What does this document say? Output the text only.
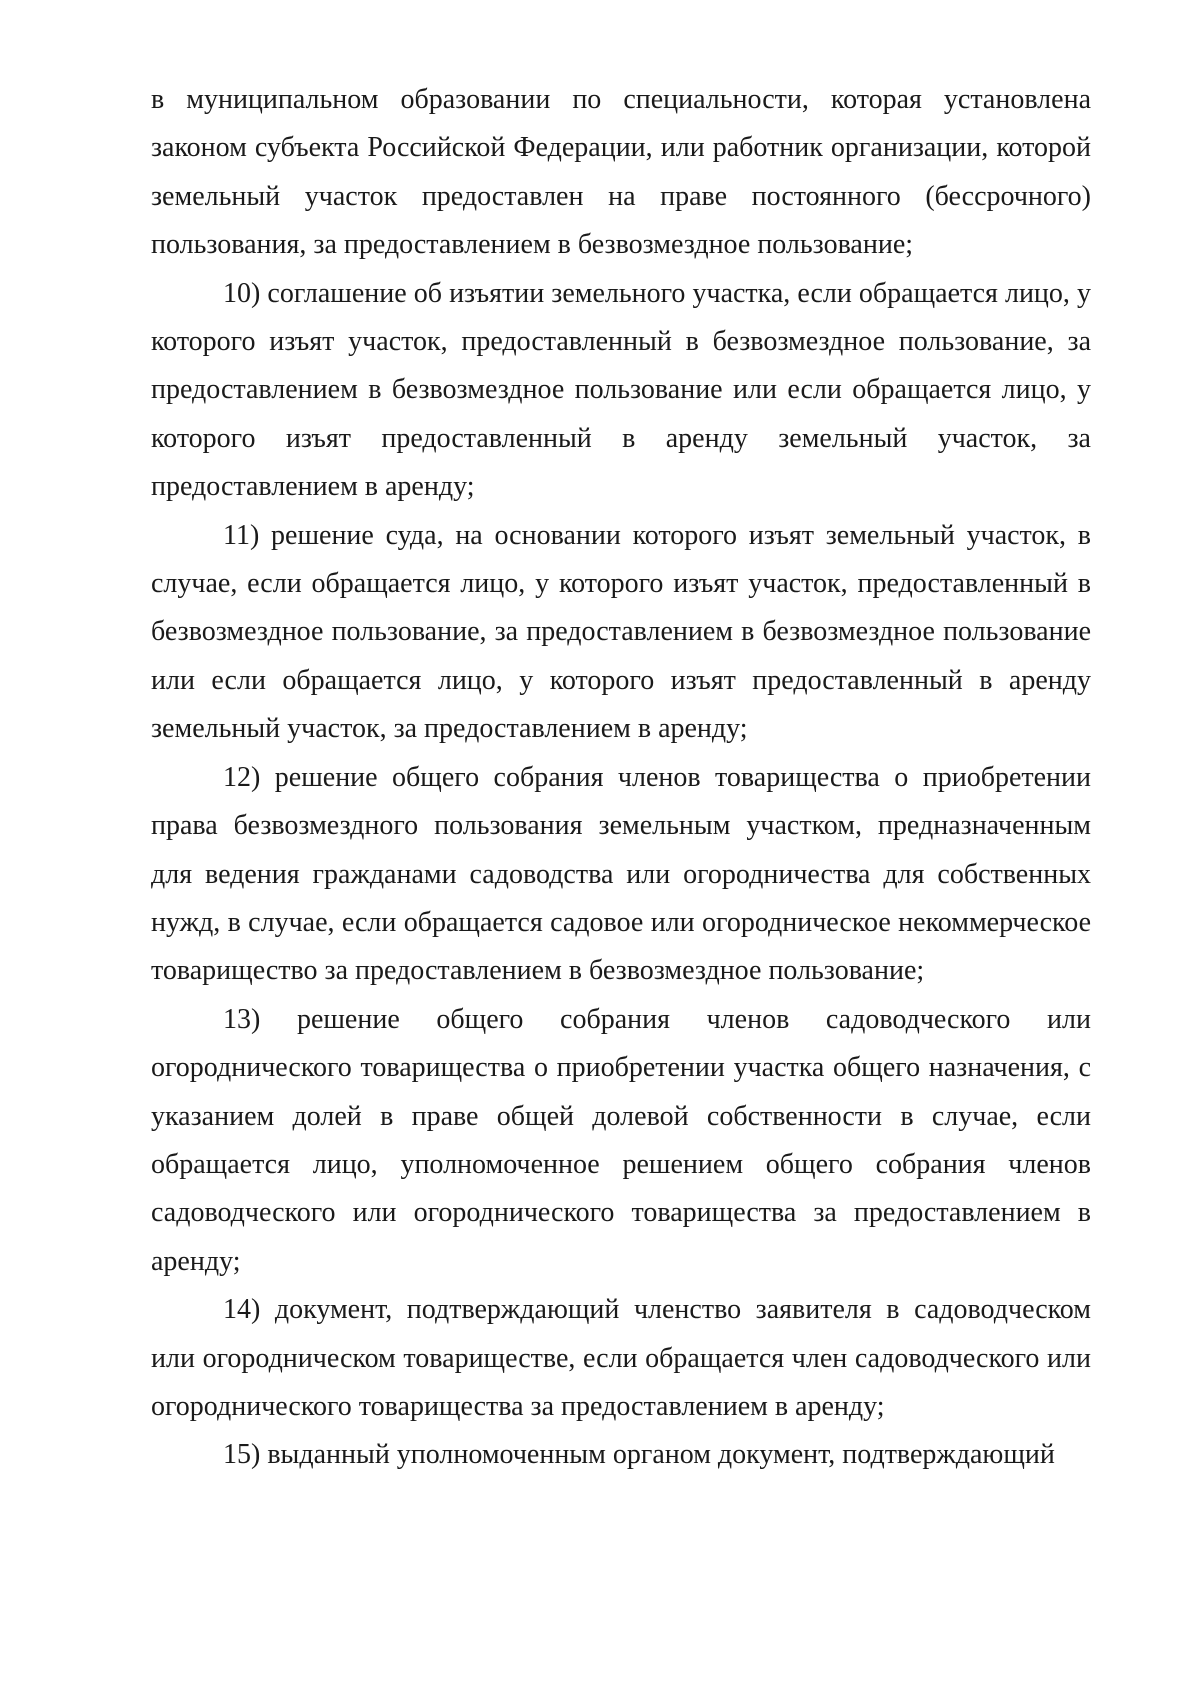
в муниципальном образовании по специальности, которая установлена законом субъекта Российской Федерации, или работник организации, которой земельный участок предоставлен на праве постоянного (бессрочного) пользования, за предоставлением в безвозмездное пользование;

10) соглашение об изъятии земельного участка, если обращается лицо, у которого изъят участок, предоставленный в безвозмездное пользование, за предоставлением в безвозмездное пользование или если обращается лицо, у которого изъят предоставленный в аренду земельный участок, за предоставлением в аренду;

11) решение суда, на основании которого изъят земельный участок, в случае, если обращается лицо, у которого изъят участок, предоставленный в безвозмездное пользование, за предоставлением в безвозмездное пользование или если обращается лицо, у которого изъят предоставленный в аренду земельный участок, за предоставлением в аренду;

12) решение общего собрания членов товарищества о приобретении права безвозмездного пользования земельным участком, предназначенным для ведения гражданами садоводства или огородничества для собственных нужд, в случае, если обращается садовое или огородническое некоммерческое товарищество за предоставлением в безвозмездное пользование;

13) решение общего собрания членов садоводческого или огороднического товарищества о приобретении участка общего назначения, с указанием долей в праве общей долевой собственности в случае, если обращается лицо, уполномоченное решением общего собрания членов садоводческого или огороднического товарищества за предоставлением в аренду;

14) документ, подтверждающий членство заявителя в садоводческом или огородническом товариществе, если обращается член садоводческого или огороднического товарищества за предоставлением в аренду;

15) выданный уполномоченным органом документ, подтверждающий
